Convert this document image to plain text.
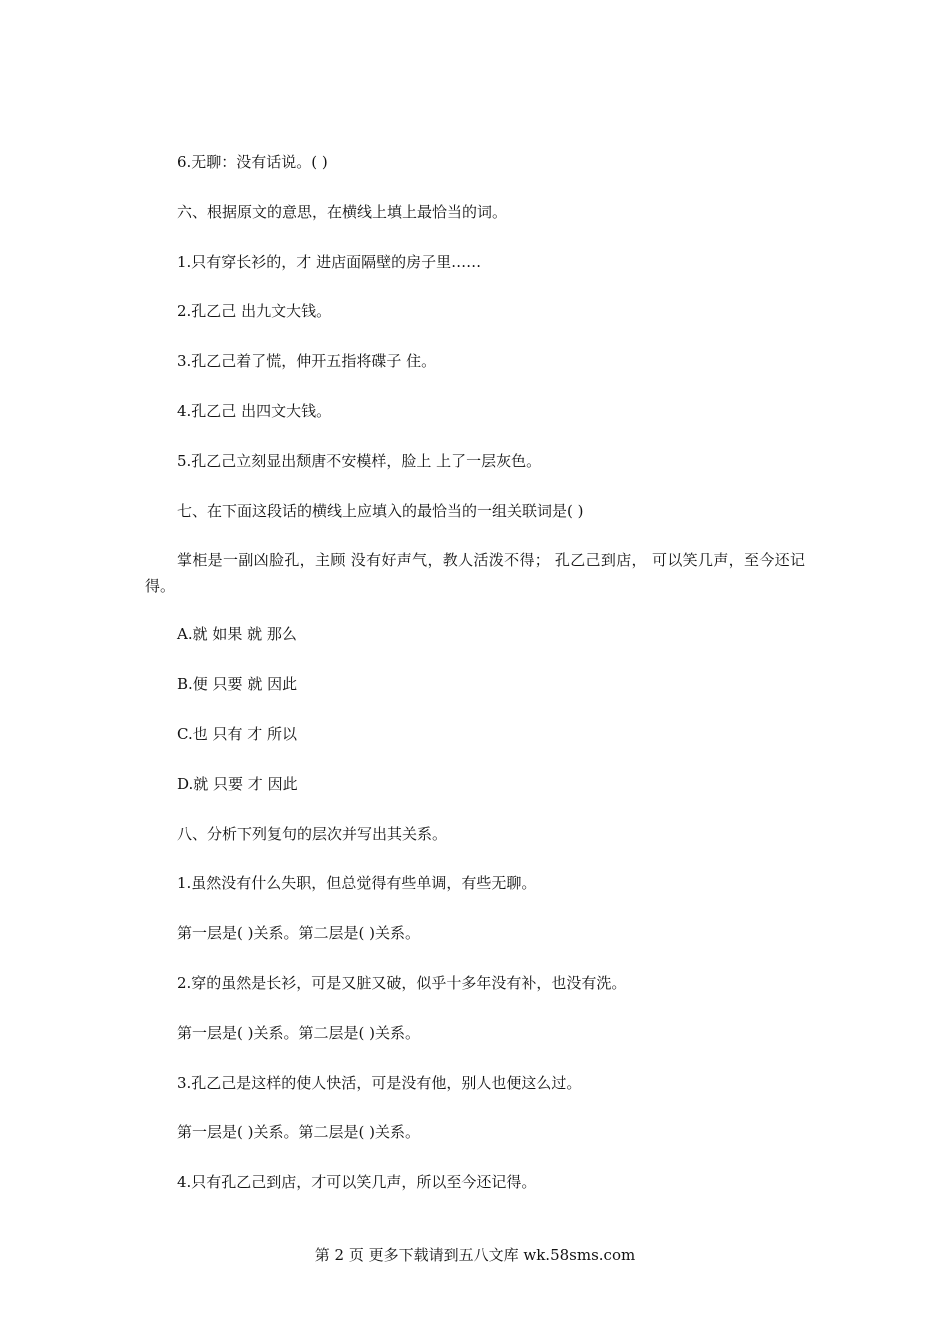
6.无聊：没有话说。( )
六、根据原文的意思，在横线上填上最恰当的词。
1.只有穿长衫的，才 进店面隔壁的房子里……
2.孔乙己 出九文大钱。
3.孔乙己着了慌，伸开五指将碟子 住。
4.孔乙己 出四文大钱。
5.孔乙己立刻显出颓唐不安模样，脸上 上了一层灰色。
七、在下面这段话的横线上应填入的最恰当的一组关联词是( )
掌柜是一副凶脸孔，主顾 没有好声气，教人活泼不得； 孔乙己到店， 可以笑几声，至今还记得。
A.就 如果 就 那么
B.便 只要 就 因此
C.也 只有 才 所以
D.就 只要 才 因此
八、分析下列复句的层次并写出其关系。
1.虽然没有什么失职，但总觉得有些单调，有些无聊。
第一层是( )关系。第二层是( )关系。
2.穿的虽然是长衫，可是又脏又破，似乎十多年没有补，也没有洗。
第一层是( )关系。第二层是( )关系。
3.孔乙己是这样的使人快活，可是没有他，别人也便这么过。
第一层是( )关系。第二层是( )关系。
4.只有孔乙己到店，才可以笑几声，所以至今还记得。
第 2 页 更多下载请到五八文库 wk.58sms.com
